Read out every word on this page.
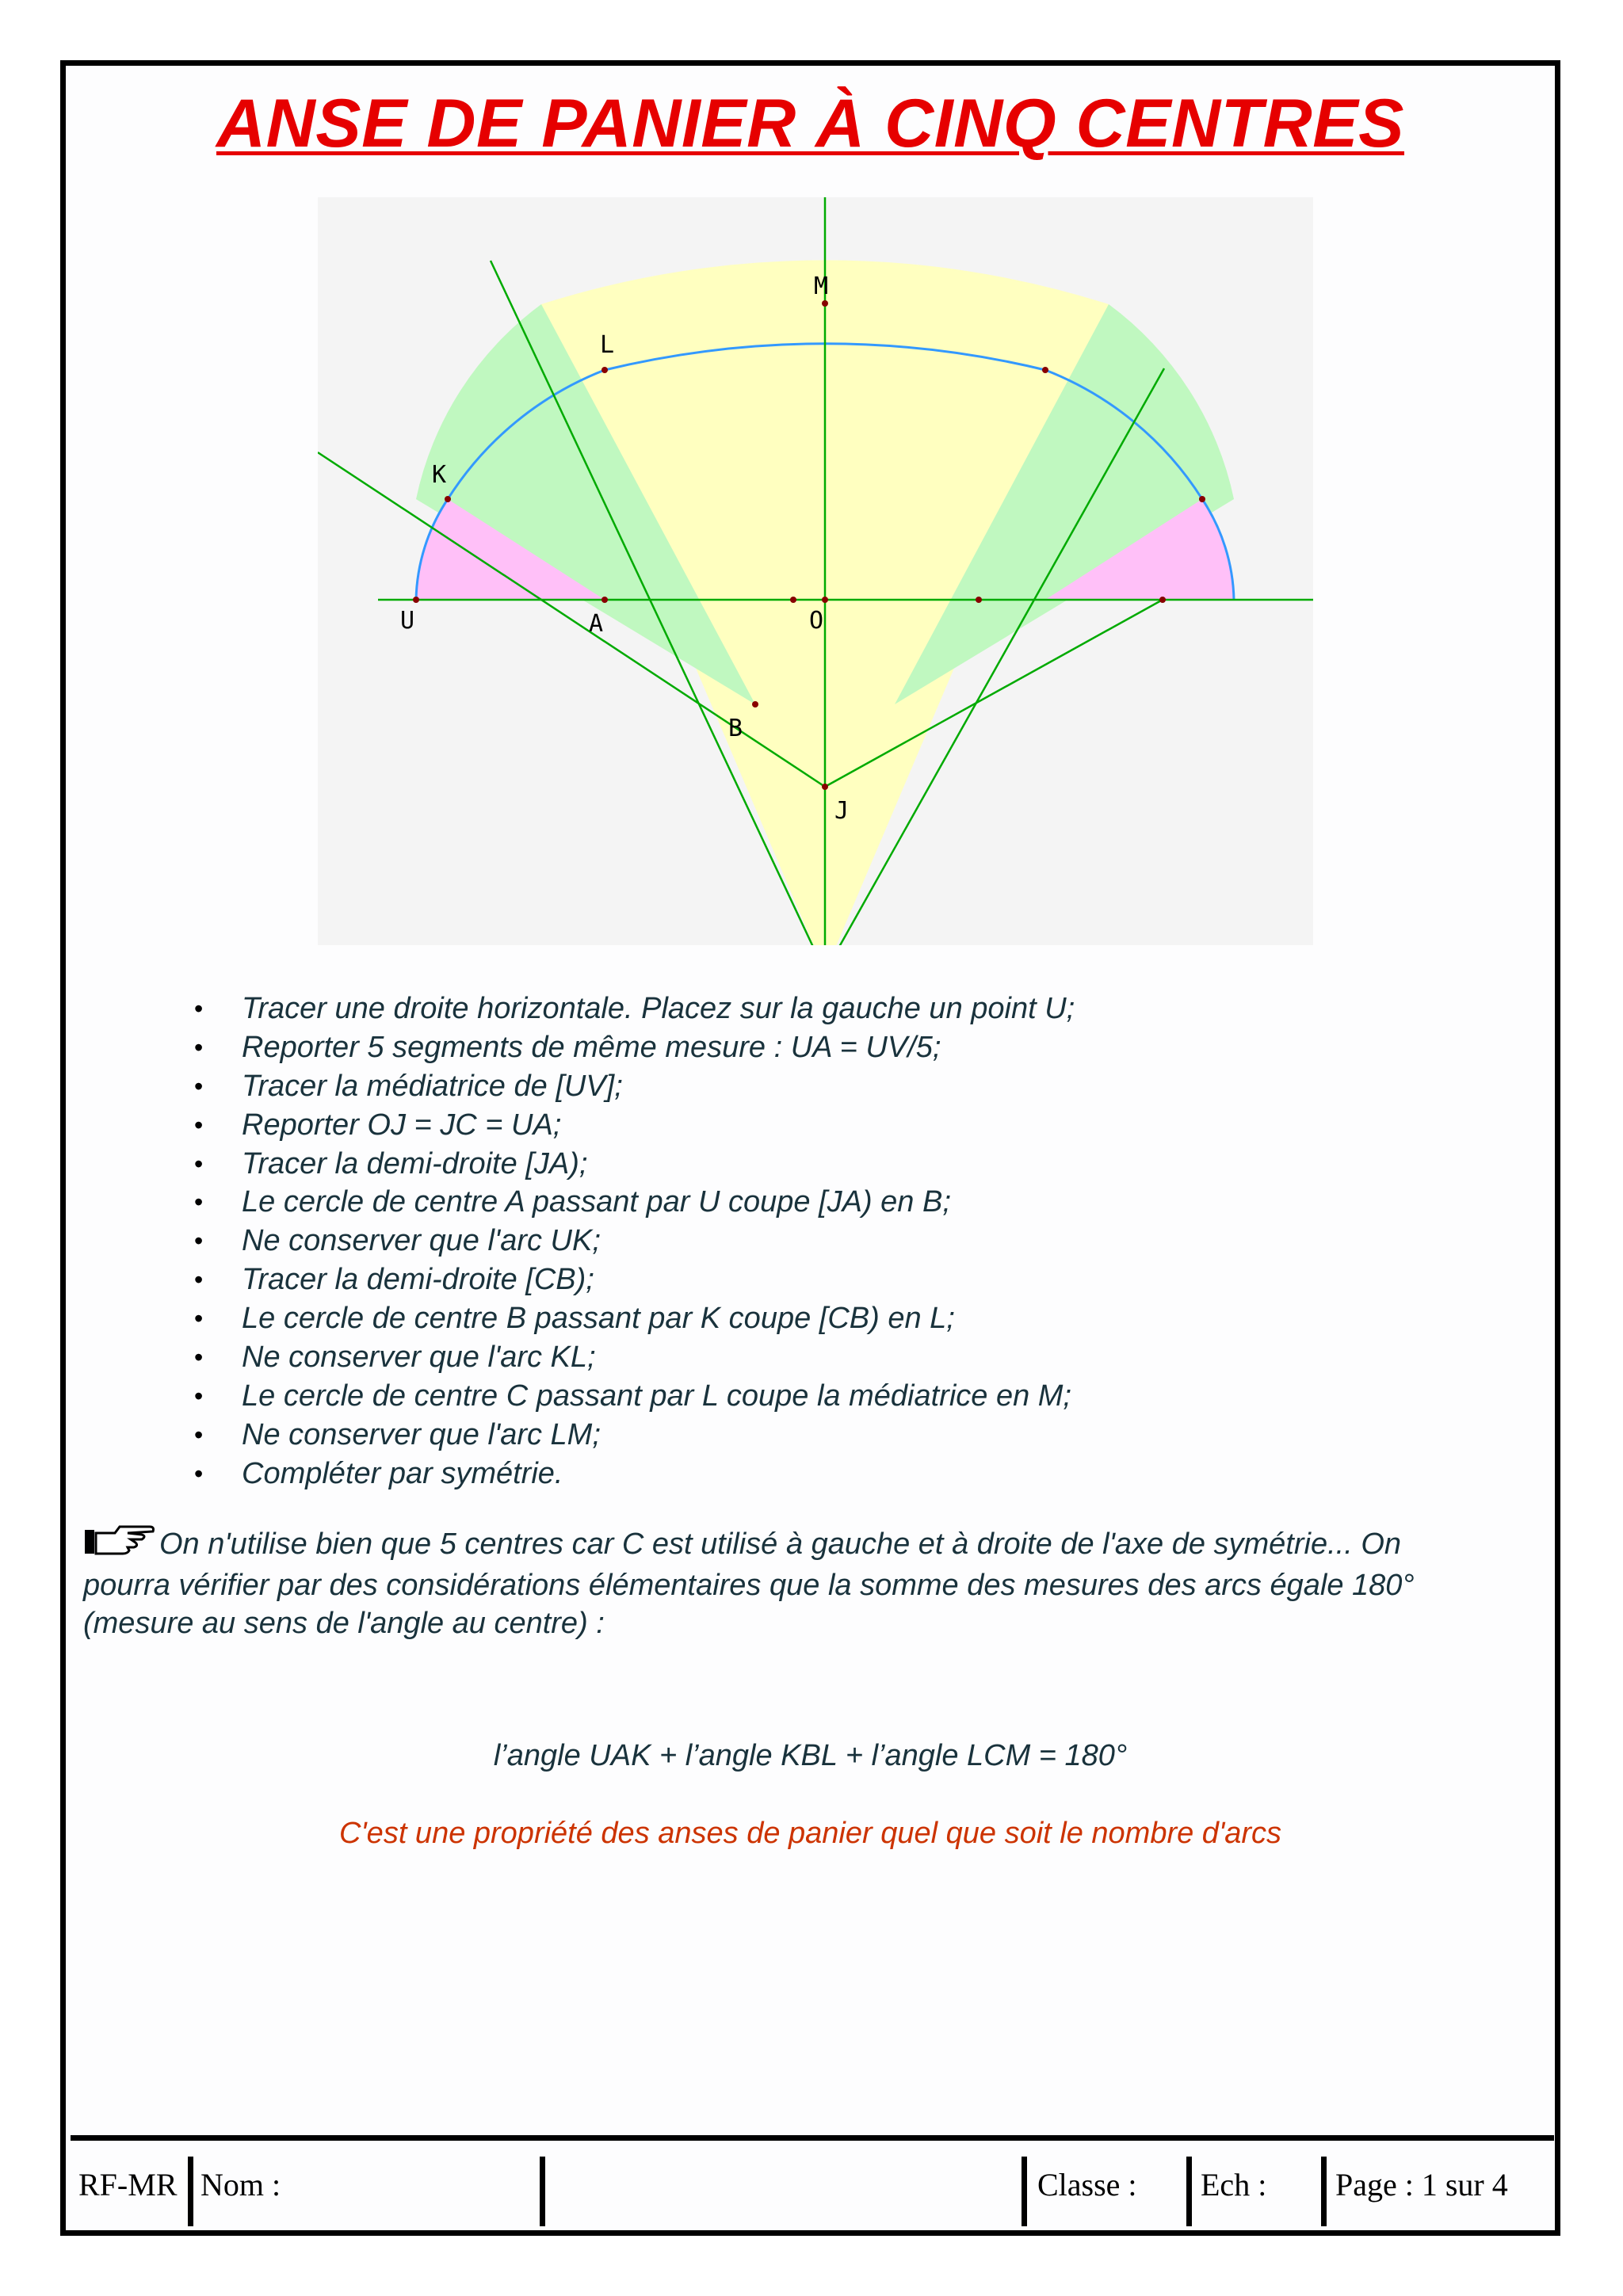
ANSE DE PANIER À CINQ CENTRES
U	A	O
B
J
K
L
M
• Tracer une droite horizontale. Placez sur la gauche un point U;
• Reporter 5 segments de même mesure : UA = UV/5;
• Tracer la médiatrice de [UV];
• Reporter OJ = JC = UA;
• Tracer la demi-droite [JA);
• Le cercle de centre A passant par U coupe [JA) en B;
• Ne conserver que l'arc UK;
• Tracer la demi-droite [CB);
• Le cercle de centre B passant par K coupe [CB) en L;
• Ne conserver que l'arc KL;
• Le cercle de centre C passant par L coupe la médiatrice en M;
• Ne conserver que l'arc LM;
• Compléter par symétrie.
On n'utilise bien que 5 centres car C est utilisé à gauche et à droite de l'axe de symétrie... On
pourra vérifier par des considérations élémentaires que la somme des mesures des arcs égale 180°
(mesure au sens de l'angle au centre) :
l’angle UAK + l’angle KBL + l’angle LCM = 180°
C'est une propriété des anses de panier quel que soit le nombre d'arcs
RF-MR Nom :	Classe : Ech : Page : 1 sur 4
